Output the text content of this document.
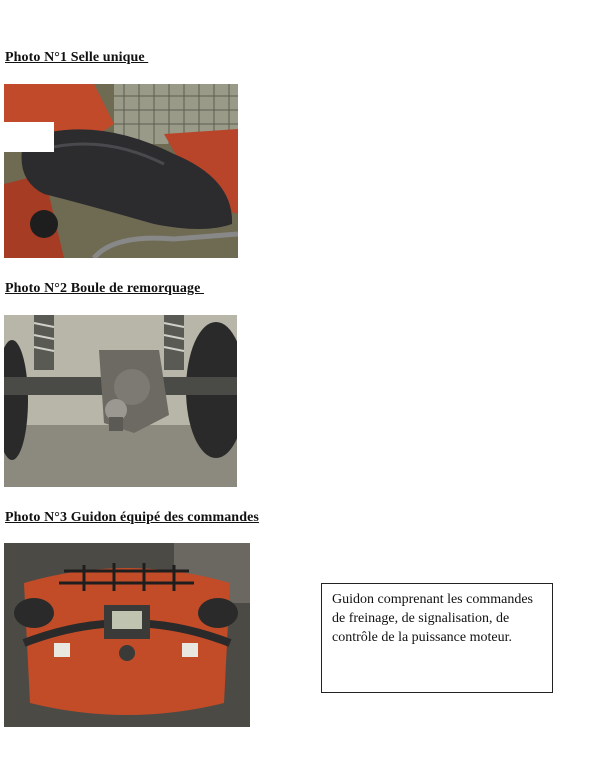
Photo N°1 Selle unique
Photo N°2 Boule de remorquage
Photo N°3 Guidon équipé des commandes
Guidon comprenant les commandes de freinage, de signalisation, de contrôle de la puissance moteur.
